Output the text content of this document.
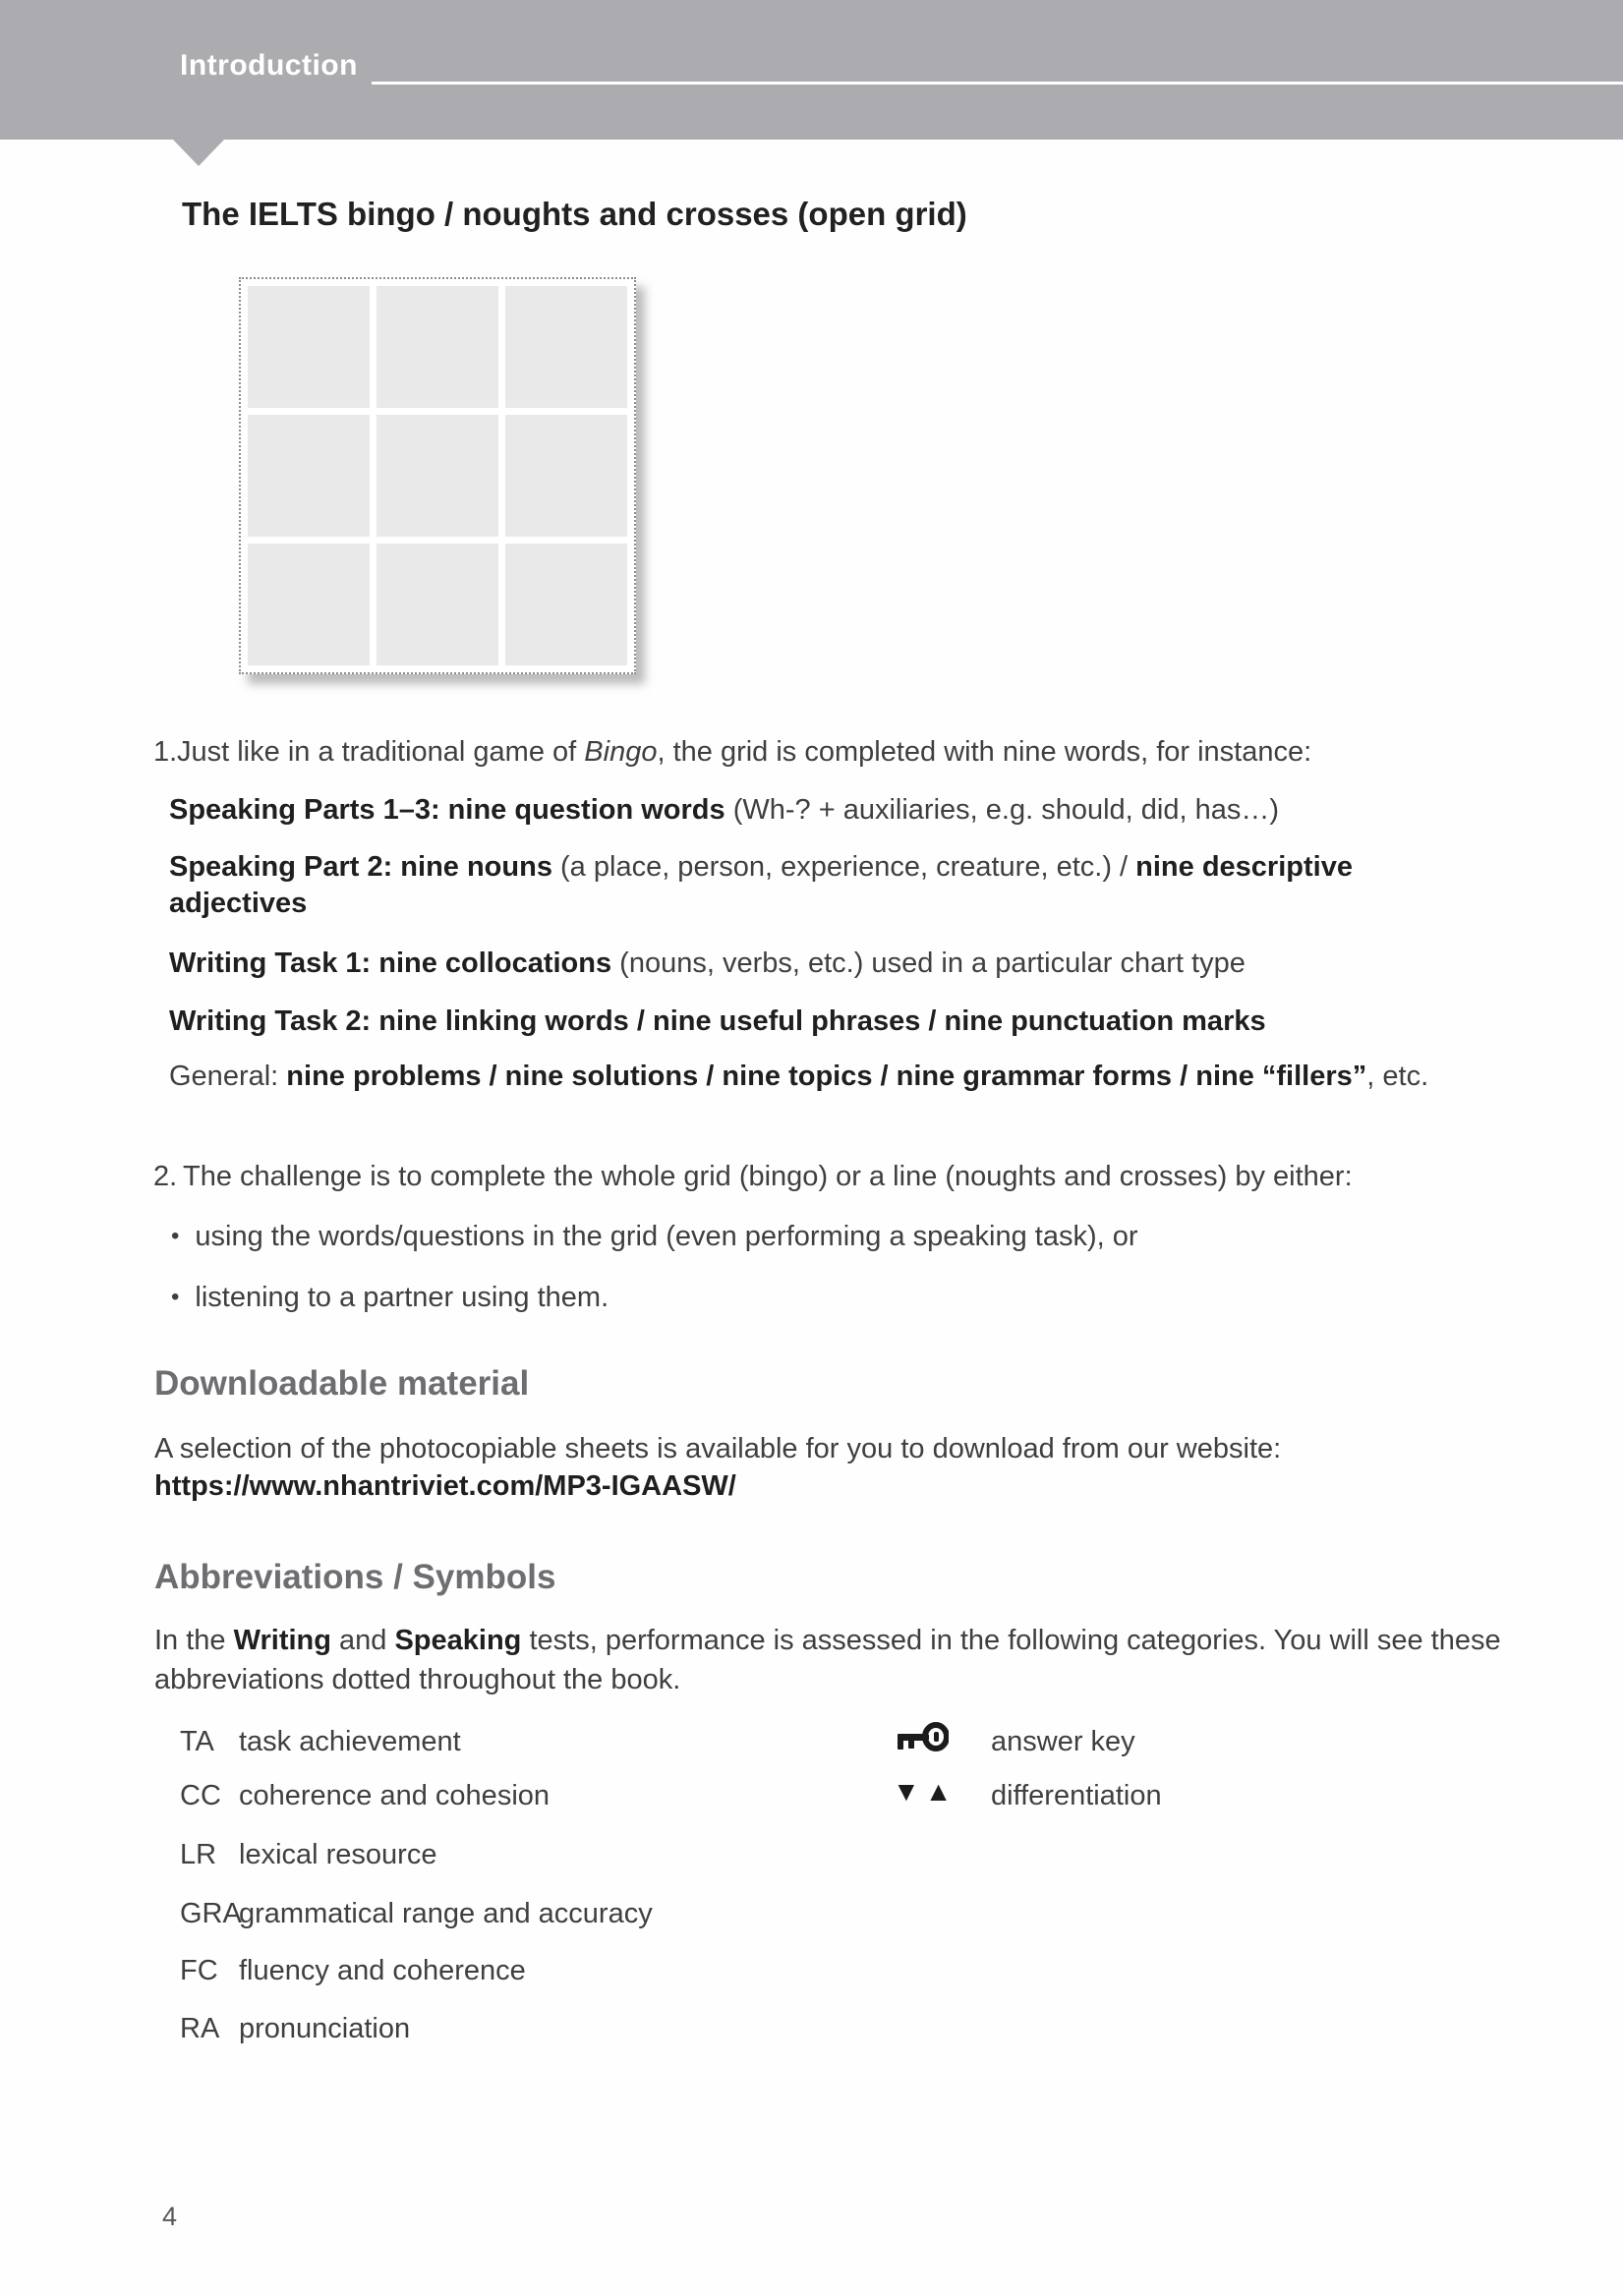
Introduction
The IELTS bingo / noughts and crosses (open grid)
1. Just like in a traditional game of Bingo, the grid is completed with nine words, for instance:
Speaking Parts 1–3: nine question words (Wh-? + auxiliaries, e.g. should, did, has…)
Speaking Part 2: nine nouns (a place, person, experience, creature, etc.) / nine descriptive
adjectives
Writing Task 1: nine collocations (nouns, verbs, etc.) used in a particular chart type
Writing Task 2: nine linking words / nine useful phrases / nine punctuation marks
General: nine problems / nine solutions / nine topics / nine grammar forms / nine “fillers”, etc.
2. The challenge is to complete the whole grid (bingo) or a line (noughts and crosses) by either:
• using the words/questions in the grid (even performing a speaking task), or
• listening to a partner using them.
Downloadable material
A selection of the photocopiable sheets is available for you to download from our website:
https://www.nhantriviet.com/MP3-IGAASW/
Abbreviations / Symbols
In the Writing and Speaking tests, performance is assessed in the following categories. You will see these
abbreviations dotted throughout the book.
TA task achievement
CC coherence and cohesion
LR lexical resource
GRA
grammatical range and accuracy
FC fluency and coherence
RA pronunciation
answer key
▼▲ differentiation
4
